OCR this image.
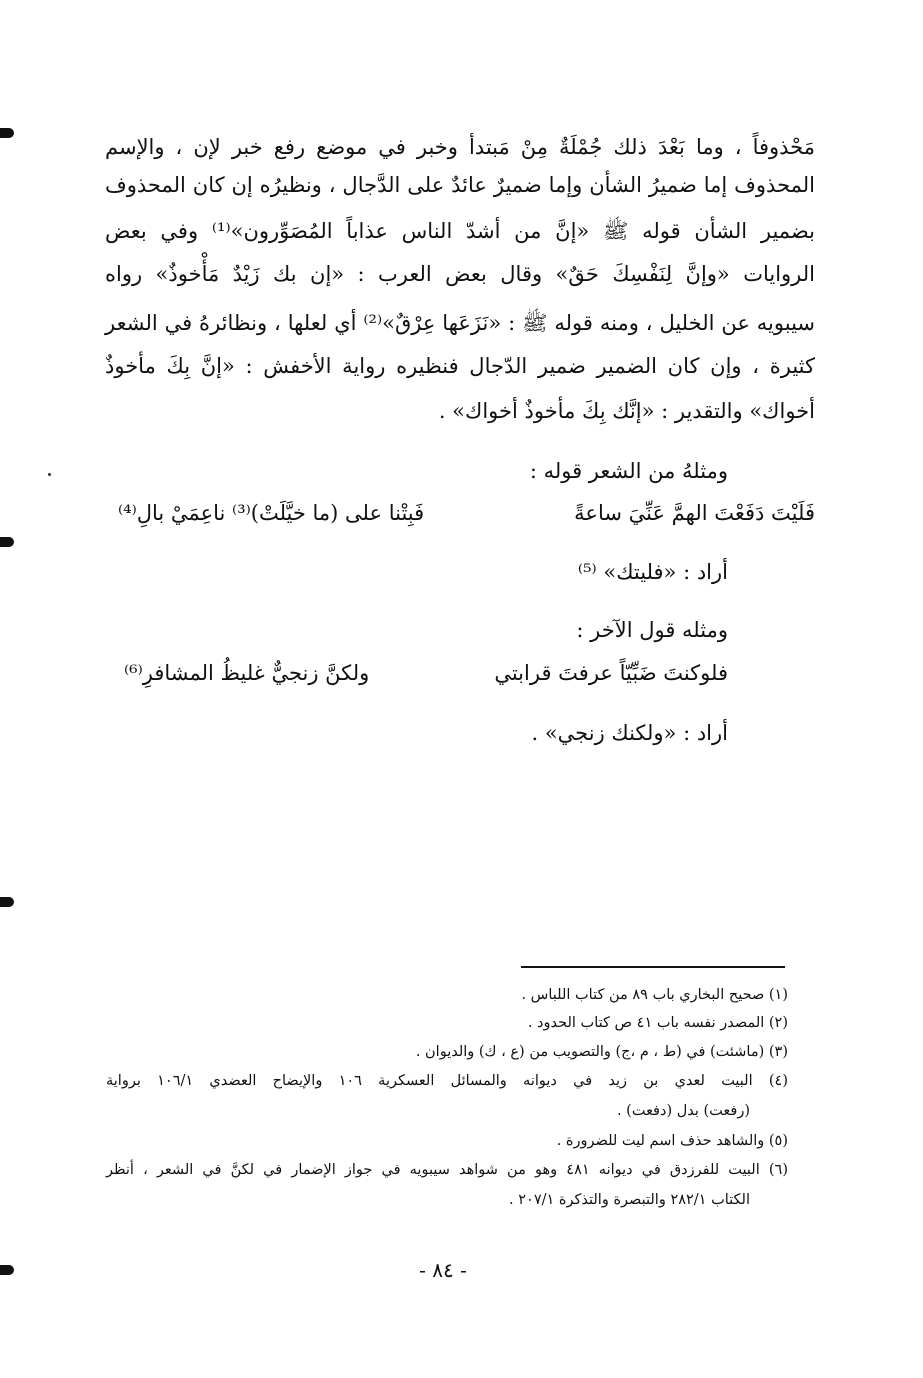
مَحْذوفاً ، وما بَعْدَ ذلك جُمْلَةٌ مِنْ مَبتدأ وخبر في موضع رفع خبر لإن ، والإسم
المحذوف إما ضميرُ الشأن وإما ضميرٌ عائدٌ على الدَّجال ، ونظيرُه إن كان المحذوف
بضمير الشأن قوله ﷺ «إنَّ من أشدّ الناس عذاباً المُصَوِّرون»⁽¹⁾ وفي بعض
الروايات «وإنَّ لِنَفْسِكَ حَقٌ» وقال بعض العرب : «إن بك زَيْدٌ مَأْخوذٌ» رواه
سيبويه عن الخليل ، ومنه قوله ﷺ : «نَزَعَها عِرْقٌ»⁽²⁾ أي لعلها ، ونظائرهُ في الشعر
كثيرة ، وإن كان الضمير ضمير الدّجال فنظيره رواية الأخفش : «إنَّ بِكَ مأخوذٌ
أخواك» والتقدير : «إنَّك بِكَ مأخوذٌ أخواك» .
ومثلهُ من الشعر قوله :
فَلَيْتَ دَفَعْتَ الهمَّ عَنِّيَ ساعةً
فَبِتْنا على (ما خيَّلَتْ)⁽³⁾ ناعِمَيْ بالِ⁽⁴⁾
أراد : «فليتك» ⁽⁵⁾
ومثله قول الآخر :
فلوكنتَ ضَبِّيّاً عرفتَ قرابتي
ولكنَّ زنجيٌّ غليظُ المشافرِ⁽⁶⁾
أراد : «ولكنك زنجي» .
(١) صحيح البخاري باب ٨٩ من كتاب اللباس .
(٢) المصدر نفسه باب ٤١ ص كتاب الحدود .
(٣) (ماشئت) في (ط ، م ،ج) والتصويب من (ع ، ك) والديوان .
(٤) البيت لعدي بن زيد في ديوانه والمسائل العسكرية ١٠٦ والإيضاح العضدي ١٠٦/١ برواية
(رفعت) بدل (دفعت) .
(٥) والشاهد حذف اسم ليت للضرورة .
(٦) البيت للفرزدق في ديوانه ٤٨١ وهو من شواهد سيبويه في جواز الإضمار في لكنَّ في الشعر ، أنظر
الكتاب ٢٨٢/١ والتبصرة والتذكرة ٢٠٧/١ .
- ٨٤ -
